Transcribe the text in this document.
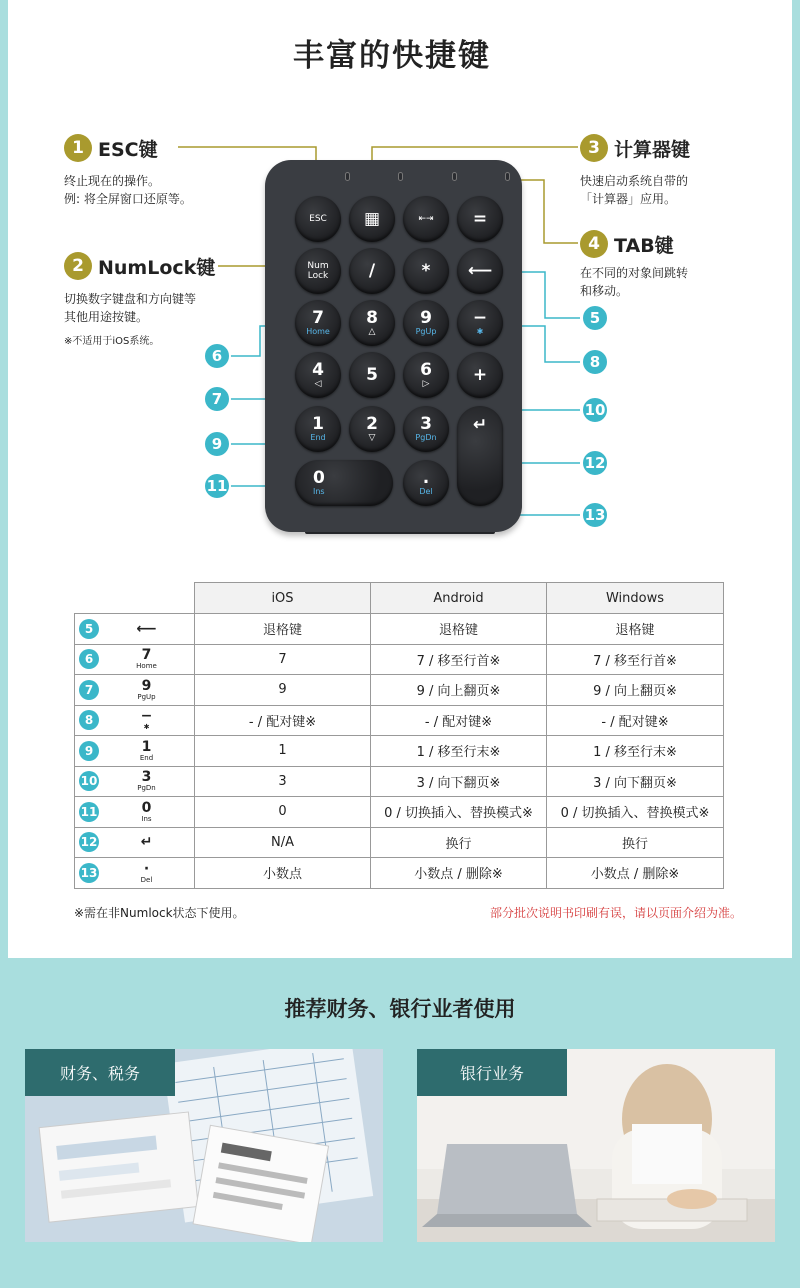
丰富的快捷键
1 ESC键
终止现在的操作。
例: 将全屏窗口还原等。
2 NumLock键
切换数字键盘和方向键等
其他用途按键。
※不适用于iOS系统。
3 计算器键
快速启动系统自带的
「计算器」应用。
4 TAB键
在不同的对象间跳转
和移动。
ESC ▦	⇤⇥ =
Num
Lock /	* ⟵
7
Home
8
△
9
PgUp
−
✱
4
◁	5 6
▷	+
1
End
2
▽
3
PgDn
↵
0
Ins
.
Del
5
6
7
8
9
10
11
12
13
	iOS	Android	Windows

5 ⟵	退格键	退格键	退格键

6 7
Home	7	7 / 移至行首※	7 / 移至行首※

7 9
PgUp	9	9 / 向上翻页※	9 / 向上翻页※

8 −
✱	- / 配对键※	- / 配对键※	- / 配对键※

9 1
End	1	1 / 移至行末※	1 / 移至行末※

10 3
PgDn	3	3 / 向下翻页※	3 / 向下翻页※

11 0
Ins	0	0 / 切换插入、替换模式※	0 / 切换插入、替换模式※

12 ↵	N/A	换行	换行

13 ·
Del	小数点	小数点 / 删除※	小数点 / 删除※
※需在非Numlock状态下使用。	部分批次说明书印刷有误，请以页面介绍为准。
推荐财务、银行业者使用
财务、税务	银行业务
